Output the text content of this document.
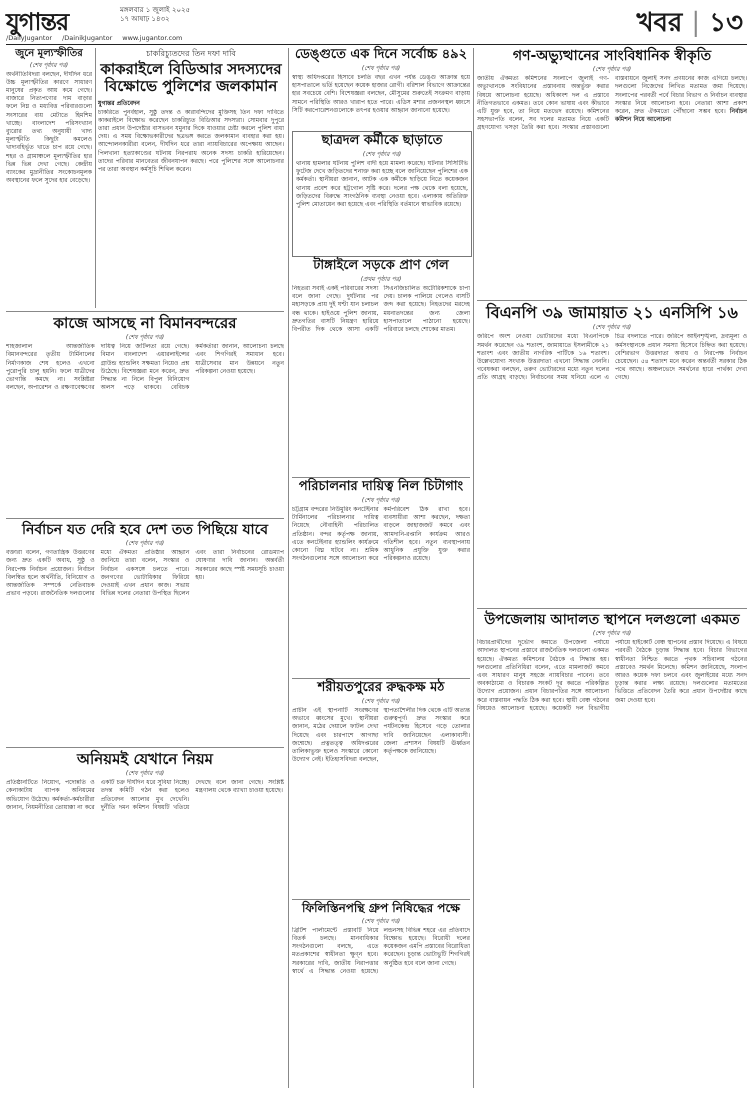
যুগান্তর	মঙ্গলবার ১ জুলাই ২০২৫
১৭ আষাঢ় ১৪৩২
/DailyJugantor /DainikJugantor www.jugantor.com	খবর | ১৩
জুনে মূল্যস্ফীতির
(শেষ পৃষ্ঠার পর)
অর্থনীতিবিদরা বলছেন, দীর্ঘদিন ধরে উচ্চ মূল্যস্ফীতির কারণে সাধারণ মানুষের প্রকৃত আয় কমে গেছে। বাজারে নিত্যপণ্যের দাম বাড়ার ফলে নিম্ন ও মধ্যবিত্ত পরিবারগুলো সংসারের ব্যয় মেটাতে হিমশিম খাচ্ছে। বাংলাদেশ পরিসংখ্যান ব্যুরোর তথ্য অনুযায়ী খাদ্য মূল্যস্ফীতি কিছুটা কমলেও খাদ্যবহির্ভূত খাতে চাপ রয়ে গেছে। শহর ও গ্রামাঞ্চলে মূল্যস্ফীতির হার ভিন্ন ভিন্ন দেখা গেছে। কেন্দ্রীয় ব্যাংকের মুদ্রানীতির সংকোচনমূলক অবস্থানের ফলে সুদের হার বেড়েছে।
চাকরিচ্যুতদের তিন দফা দাবি
কাকরাইলে বিডিআর সদস্যদের বিক্ষোভে পুলিশের জলকামান
যুগান্তর প্রতিবেদন
চাকরিতে পুনর্বহাল, সুষ্ঠু তদন্ত ও কারাবন্দিদের মুক্তিসহ তিন দফা দাবিতে কাকরাইলে বিক্ষোভ করেছেন চাকরিচ্যুত বিডিআর সদস্যরা। সোমবার দুপুরে তারা প্রধান উপদেষ্টার বাসভবন যমুনার দিকে যাওয়ার চেষ্টা করলে পুলিশ বাধা দেয়। এ সময় বিক্ষোভকারীদের ছত্রভঙ্গ করতে জলকামান ব্যবহার করা হয়। আন্দোলনকারীরা বলেন, দীর্ঘদিন ধরে তারা ন্যায়বিচারের অপেক্ষায় আছেন। পিলখানা হত্যাকাণ্ডের ঘটনায় নিরপরাধ অনেক সদস্য চাকরি হারিয়েছেন। তাদের পরিবার মানবেতর জীবনযাপন করছে। পরে পুলিশের সঙ্গে আলোচনার পর তারা অবস্থান কর্মসূচি শিথিল করেন।
কাজে আসছে না বিমানবন্দরের
(শেষ পৃষ্ঠার পর)
শাহজালাল আন্তর্জাতিক বিমানবন্দরের তৃতীয় টার্মিনালের নির্মাণকাজ শেষ হলেও এখনো পুরোপুরি চালু হয়নি। ফলে যাত্রীদের ভোগান্তি কমছে না। সংশ্লিষ্টরা বলছেন, অপারেশন ও রক্ষণাবেক্ষণের দায়িত্ব নিয়ে জটিলতা রয়ে গেছে। বিমান বাংলাদেশ এয়ারলাইন্সের গ্রাউন্ড হ্যান্ডলিং সক্ষমতা নিয়েও প্রশ্ন উঠেছে। বিশেষজ্ঞরা মনে করেন, দ্রুত সিদ্ধান্ত না নিলে বিপুল বিনিয়োগ অলস পড়ে থাকবে। বেবিচক কর্মকর্তারা জানান, আলোচনা চলছে এবং শিগগিরই সমাধান হবে। যাত্রীসেবার মান উন্নয়নে নতুন পরিকল্পনা নেওয়া হয়েছে।
নির্বাচন যত দেরি হবে দেশ তত পিছিয়ে যাবে
(শেষ পৃষ্ঠার পর)
বক্তারা বলেন, গণতান্ত্রিক উত্তরণের জন্য দ্রুত একটি অবাধ, সুষ্ঠু ও নিরপেক্ষ নির্বাচন প্রয়োজন। নির্বাচন বিলম্বিত হলে অর্থনীতি, বিনিয়োগ ও আন্তর্জাতিক সম্পর্কে নেতিবাচক প্রভাব পড়বে। রাজনৈতিক দলগুলোর মধ্যে ঐকমত্য প্রতিষ্ঠার আহ্বান জানিয়ে তারা বলেন, সংস্কার ও নির্বাচন একসঙ্গে চলতে পারে। জনগণের ভোটাধিকার ফিরিয়ে দেওয়াই এখন প্রধান কাজ। সভায় বিভিন্ন দলের নেতারা উপস্থিত ছিলেন এবং তারা নির্বাচনের রোডম্যাপ ঘোষণার দাবি জানান। অন্তর্বর্তী সরকারের কাছে স্পষ্ট সময়সূচি চাওয়া হয়।
অনিয়মই যেখানে নিয়ম
(শেষ পৃষ্ঠার পর)
প্রতিষ্ঠানটিতে নিয়োগ, পদোন্নতি ও কেনাকাটায় ব্যাপক অনিয়মের অভিযোগ উঠেছে। কর্মকর্তা-কর্মচারীরা জানান, নিয়মনীতির তোয়াক্কা না করে একটি চক্র দীর্ঘদিন ধরে সুবিধা নিচ্ছে। তদন্ত কমিটি গঠন করা হলেও প্রতিবেদন আলোর মুখ দেখেনি। দুর্নীতি দমন কমিশন বিষয়টি খতিয়ে দেখছে বলে জানা গেছে। সংশ্লিষ্ট মন্ত্রণালয় থেকে ব্যাখ্যা চাওয়া হয়েছে।
ডেঙ্গুতে এক দিনে সর্বোচ্চ ৪৯২
(শেষ পৃষ্ঠার পর)
স্বাস্থ্য অধিদপ্তরের হিসাবে চলতি বছর এখন পর্যন্ত ডেঙ্গু আক্রান্ত হয়ে হাসপাতালে ভর্তি হয়েছেন কয়েক হাজার রোগী। বরিশাল বিভাগে আক্রান্তের হার সবচেয়ে বেশি। বিশেষজ্ঞরা বলছেন, মৌসুমের শুরুতেই সংক্রমণ বাড়ায় সামনে পরিস্থিতি আরও খারাপ হতে পারে। এডিস মশার প্রজননস্থল ধ্বংসে সিটি করপোরেশনগুলোকে তৎপর হওয়ার আহ্বান জানানো হয়েছে।
ছাত্রদল কর্মীকে ছাড়াতে
(শেষ পৃষ্ঠার পর)
থানায় হামলার ঘটনায় পুলিশ বাদী হয়ে মামলা করেছে। ঘটনার সিসিটিভি ফুটেজ দেখে জড়িতদের শনাক্ত করা হচ্ছে বলে জানিয়েছেন পুলিশের এক কর্মকর্তা। স্থানীয়রা জানান, আটক এক কর্মীকে ছাড়িয়ে নিতে কয়েকজন থানায় প্রবেশ করে হট্টগোল সৃষ্টি করে। দলের পক্ষ থেকে বলা হয়েছে, জড়িতদের বিরুদ্ধে সাংগঠনিক ব্যবস্থা নেওয়া হবে। এলাকায় অতিরিক্ত পুলিশ মোতায়েন করা হয়েছে এবং পরিস্থিতি বর্তমানে স্বাভাবিক রয়েছে।
টাঙ্গাইলে সড়কে প্রাণ গেল
(প্রথম পৃষ্ঠার পর)
নিহতরা সবাই একই পরিবারের সদস্য বলে জানা গেছে। দুর্ঘটনার পর মহাসড়কে প্রায় দুই ঘণ্টা যান চলাচল বন্ধ থাকে। হাইওয়ে পুলিশ জানায়, দ্রুতগতির বাসটি নিয়ন্ত্রণ হারিয়ে বিপরীত দিক থেকে আসা একটি সিএনজিচালিত অটোরিকশাকে চাপা দেয়। চালক পালিয়ে গেলেও বাসটি জব্দ করা হয়েছে। নিহতদের মরদেহ ময়নাতদন্তের জন্য জেলা হাসপাতালে পাঠানো হয়েছে। পরিবারে চলছে শোকের মাতম।
পরিচালনার দায়িত্ব নিল চিটাগাং
(শেষ পৃষ্ঠার পর)
চট্টগ্রাম বন্দরের নিউমুরিং কনটেইনার টার্মিনালের পরিচালনার দায়িত্ব নিয়েছে নৌবাহিনী পরিচালিত প্রতিষ্ঠান। বন্দর কর্তৃপক্ষ জানায়, এতে কনটেইনার হ্যান্ডলিং কার্যক্রমে কোনো বিঘ্ন ঘটবে না। শ্রমিক সংগঠনগুলোর সঙ্গে আলোচনা করে কর্মপরিবেশ ঠিক রাখা হবে। ব্যবসায়ীরা আশা করছেন, দক্ষতা বাড়লে জাহাজজট কমবে এবং আমদানি-রপ্তানি কার্যক্রম আরও গতিশীল হবে। নতুন ব্যবস্থাপনায় আধুনিক প্রযুক্তি যুক্ত করার পরিকল্পনাও রয়েছে।
শরীয়তপুরের রুদ্ধকক্ষ মঠ
(শেষ পৃষ্ঠার পর)
প্রাচীন এই স্থাপনাটি সংরক্ষণের অভাবে ধ্বংসের মুখে। স্থানীয়রা জানান, মঠের দেয়ালে ফাটল দেখা দিয়েছে এবং চারপাশে আগাছা জন্মেছে। প্রত্নতত্ত্ব অধিদপ্তরের তালিকাভুক্ত হলেও সংস্কারে কোনো উদ্যোগ নেই। ইতিহাসবিদরা বলছেন, স্থাপত্যশৈলীর দিক থেকে এটি অত্যন্ত গুরুত্বপূর্ণ। দ্রুত সংস্কার করে পর্যটনকেন্দ্র হিসেবে গড়ে তোলার দাবি জানিয়েছেন এলাকাবাসী। জেলা প্রশাসন বিষয়টি ঊর্ধ্বতন কর্তৃপক্ষকে জানিয়েছে।
ফিলিস্তিনপন্থি গ্রুপ নিষিদ্ধের পক্ষে
(শেষ পৃষ্ঠার পর)
ব্রিটিশ পার্লামেন্টে প্রস্তাবটি নিয়ে বিতর্ক চলছে। মানবাধিকার সংগঠনগুলো বলছে, এতে মতপ্রকাশের স্বাধীনতা ক্ষুণ্ন হবে। সরকারের দাবি, জাতীয় নিরাপত্তার স্বার্থে এ সিদ্ধান্ত নেওয়া হয়েছে। লন্ডনসহ বিভিন্ন শহরে এর প্রতিবাদে বিক্ষোভ হয়েছে। বিরোধী দলের কয়েকজন এমপি প্রস্তাবের বিরোধিতা করেছেন। চূড়ান্ত ভোটাভুটি শিগগিরই অনুষ্ঠিত হবে বলে জানা গেছে।
গণ-অভ্যুত্থানের সাংবিধানিক স্বীকৃতি
(শেষ পৃষ্ঠার পর)
জাতীয় ঐকমত্য কমিশনের সংলাপে জুলাই গণ-অভ্যুত্থানকে সংবিধানের প্রস্তাবনায় অন্তর্ভুক্ত করার বিষয়ে আলোচনা হয়েছে। অধিকাংশ দল এ প্রস্তাবে নীতিগতভাবে একমত। তবে কোন ভাষায় এবং কীভাবে এটি যুক্ত হবে, তা নিয়ে মতভেদ রয়েছে। কমিশনের সহসভাপতি বলেন, সব দলের মতামত নিয়ে একটি গ্রহণযোগ্য খসড়া তৈরি করা হবে। সংস্কার প্রস্তাবগুলো বাস্তবায়নে জুলাই সনদ প্রণয়নের কাজ এগিয়ে চলছে। দলগুলো নিজেদের লিখিত মতামত জমা দিয়েছে। সংলাপের পরবর্তী পর্বে বিচার বিভাগ ও নির্বাচন ব্যবস্থার সংস্কার নিয়ে আলোচনা হবে। নেতারা আশা প্রকাশ করেন, দ্রুত ঐকমত্যে পৌঁছানো সম্ভব হবে। নির্বাচন কমিশন নিয়ে আলোচনা
বিএনপি ৩৯ জামায়াত ২১ এনসিপি ১৬
(শেষ পৃষ্ঠার পর)
জরিপে অংশ নেওয়া ভোটারদের মধ্যে বিএনপিকে সমর্থন করেছেন ৩৯ শতাংশ, জামায়াতে ইসলামীকে ২১ শতাংশ এবং জাতীয় নাগরিক পার্টিকে ১৬ শতাংশ। উল্লেখযোগ্য সংখ্যক উত্তরদাতা এখনো সিদ্ধান্ত নেননি। গবেষকরা বলছেন, তরুণ ভোটারদের মধ্যে নতুন দলের প্রতি আগ্রহ বাড়ছে। নির্বাচনের সময় ঘনিয়ে এলে এ চিত্র বদলাতে পারে। জরিপে আইনশৃঙ্খলা, দ্রব্যমূল্য ও কর্মসংস্থানকে প্রধান সমস্যা হিসেবে চিহ্নিত করা হয়েছে। বেশিরভাগ উত্তরদাতা অবাধ ও নিরপেক্ষ নির্বাচন চেয়েছেন। ৫৪ শতাংশ মনে করেন অন্তর্বর্তী সরকার ঠিক পথে আছে। অঞ্চলভেদে সমর্থনের হারে পার্থক্য দেখা গেছে।
উপজেলায় আদালত স্থাপনে দলগুলো একমত
(শেষ পৃষ্ঠার পর)
বিচারপ্রার্থীদের দুর্ভোগ কমাতে উপজেলা পর্যায়ে আদালত স্থাপনের প্রস্তাবে রাজনৈতিক দলগুলো একমত হয়েছে। ঐকমত্য কমিশনের বৈঠকে এ সিদ্ধান্ত হয়। দলগুলোর প্রতিনিধিরা বলেন, এতে মামলাজট কমবে এবং সাধারণ মানুষ সহজে ন্যায়বিচার পাবেন। তবে অবকাঠামো ও বিচারক সংকট দূর করতে পরিকল্পিত উদ্যোগ প্রয়োজন। প্রধান বিচারপতির সঙ্গে আলোচনা করে বাস্তবায়ন পদ্ধতি ঠিক করা হবে। স্থায়ী বেঞ্চ গঠনের বিষয়েও আলোচনা হয়েছে। কয়েকটি দল বিভাগীয় পর্যায়ে হাইকোর্ট বেঞ্চ স্থাপনের প্রস্তাব দিয়েছে। এ বিষয়ে পরবর্তী বৈঠকে চূড়ান্ত সিদ্ধান্ত হবে। বিচার বিভাগের স্বাধীনতা নিশ্চিত করতে পৃথক সচিবালয় গঠনের প্রস্তাবেও সমর্থন মিলেছে। কমিশন জানিয়েছে, সংলাপ আরও কয়েক দফা চলবে এবং জুলাইয়ের মধ্যে সনদ চূড়ান্ত করার লক্ষ্য রয়েছে। দলগুলোর মতামতের ভিত্তিতে প্রতিবেদন তৈরি করে প্রধান উপদেষ্টার কাছে জমা দেওয়া হবে।
